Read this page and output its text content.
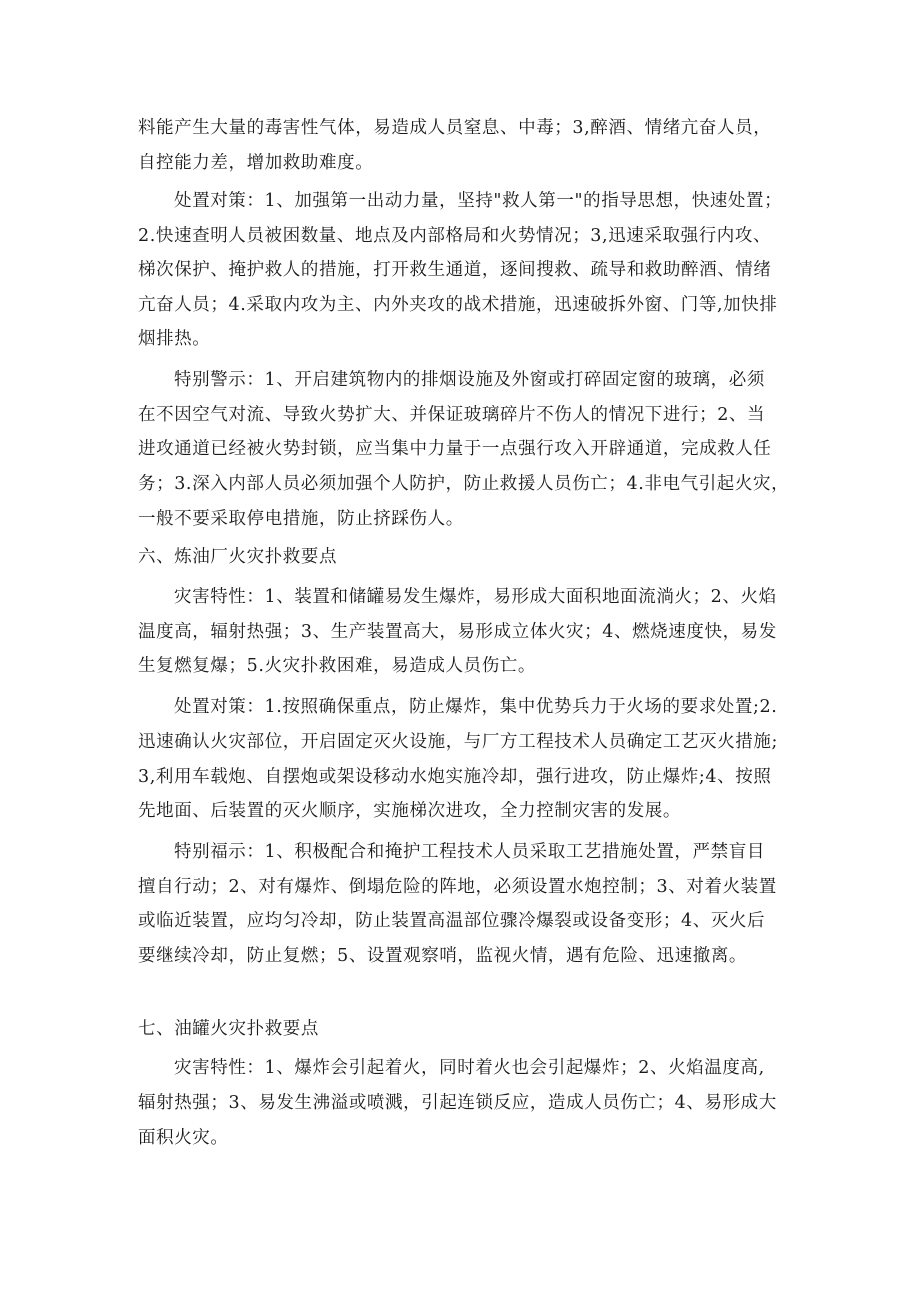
料能产生大量的毒害性气体，易造成人员窒息、中毒；3,醉酒、情绪亢奋人员，
自控能力差，增加救助难度。
处置对策：1、加强第一出动力量，坚持"救人第一"的指导思想，快速处置；
2.快速查明人员被困数量、地点及内部格局和火势情况；3,迅速采取强行内攻、
梯次保护、掩护救人的措施，打开救生通道，逐间搜救、疏导和救助醉酒、情绪
亢奋人员；4.采取内攻为主、内外夹攻的战术措施，迅速破拆外窗、门等,加快排
烟排热。
特别警示：1、开启建筑物内的排烟设施及外窗或打碎固定窗的玻璃，必须
在不因空气对流、导致火势扩大、并保证玻璃碎片不伤人的情况下进行；2、当
进攻通道已经被火势封锁，应当集中力量于一点强行攻入开辟通道，完成救人任
务；3.深入内部人员必须加强个人防护，防止救援人员伤亡；4.非电气引起火灾，
一般不要采取停电措施，防止挤踩伤人。
六、炼油厂火灾扑救要点
灾害特性：1、装置和储罐易发生爆炸，易形成大面积地面流淌火；2、火焰
温度高，辐射热强；3、生产装置高大，易形成立体火灾；4、燃烧速度快，易发
生复燃复爆；5.火灾扑救困难，易造成人员伤亡。
处置对策：1.按照确保重点，防止爆炸，集中优势兵力于火场的要求处置;2.
迅速确认火灾部位，开启固定灭火设施，与厂方工程技术人员确定工艺灭火措施;
3,利用车载炮、自摆炮或架设移动水炮实施冷却，强行进攻，防止爆炸;4、按照
先地面、后装置的灭火顺序，实施梯次进攻，全力控制灾害的发展。
特别福示：1、积极配合和掩护工程技术人员采取工艺措施处置，严禁盲目
擅自行动；2、对有爆炸、倒塌危险的阵地，必须设置水炮控制；3、对着火装置
或临近装置，应均匀冷却，防止装置高温部位骤冷爆裂或设备变形；4、灭火后
要继续冷却，防止复燃；5、设置观察哨，监视火情，遇有危险、迅速撤离。
七、油罐火灾扑救要点
灾害特性：1、爆炸会引起着火，同时着火也会引起爆炸；2、火焰温度高,
辐射热强；3、易发生沸溢或喷溅，引起连锁反应，造成人员伤亡；4、易形成大
面积火灾。
